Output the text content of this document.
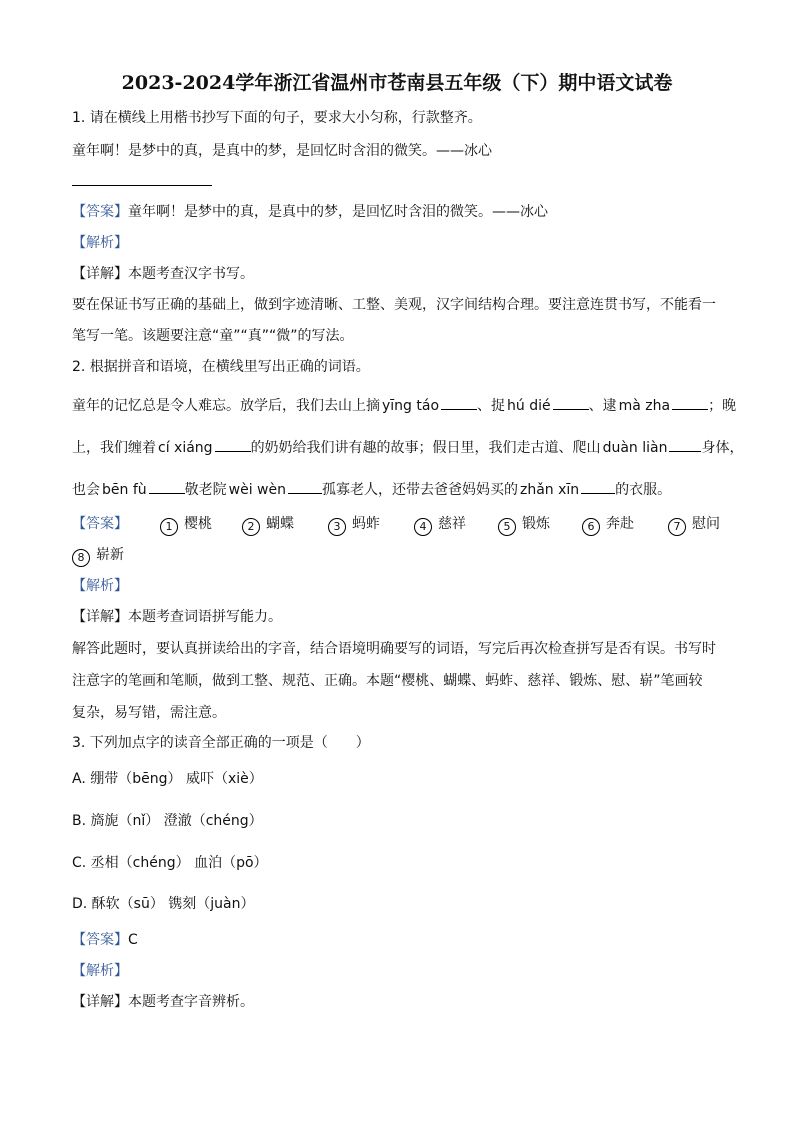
2023-2024学年浙江省温州市苍南县五年级（下）期中语文试卷
1. 请在横线上用楷书抄写下面的句子，要求大小匀称，行款整齐。
童年啊！是梦中的真，是真中的梦，是回忆时含泪的微笑。——冰心
【答案】童年啊！是梦中的真，是真中的梦，是回忆时含泪的微笑。——冰心
【解析】
【详解】本题考查汉字书写。
要在保证书写正确的基础上，做到字迹清晰、工整、美观，汉字间结构合理。要注意连贯书写，不能看一
笔写一笔。该题要注意“童”“真”“微”的写法。
2. 根据拼音和语境，在横线里写出正确的词语。
童年的记忆总是令人难忘。放学后，我们去山上摘 yīng táo	、捉 hú dié	、逮 mà zha	；晚
上，我们缠着 cí xiáng	的奶奶给我们讲有趣的故事；假日里，我们走古道、爬山 duàn liàn 身体，
也会 bēn fù	敬老院 wèi wèn	孤寡老人，还带去爸爸妈妈买的 zhǎn xīn	的衣服。
【答案】	1 樱桃	2 蝴蝶	3 蚂蚱	4 慈祥	5 锻炼	6 奔赴	7 慰问
8 崭新
【解析】
【详解】本题考查词语拼写能力。
解答此题时，要认真拼读给出的字音，结合语境明确要写的词语，写完后再次检查拼写是否有误。书写时
注意字的笔画和笔顺，做到工整、规范、正确。本题“樱桃、蝴蝶、蚂蚱、慈祥、锻炼、慰、崭”笔画较
复杂，易写错，需注意。
3. 下列加点字的读音全部正确的一项是（　　）
A. 绷带（bēng） 威吓（xiè）
B. 旖旎（nǐ） 澄澈（chéng）
C. 丞相（chéng） 血泊（pō）
D. 酥软（sū） 镌刻（juàn）
【答案】C
【解析】
【详解】本题考查字音辨析。
